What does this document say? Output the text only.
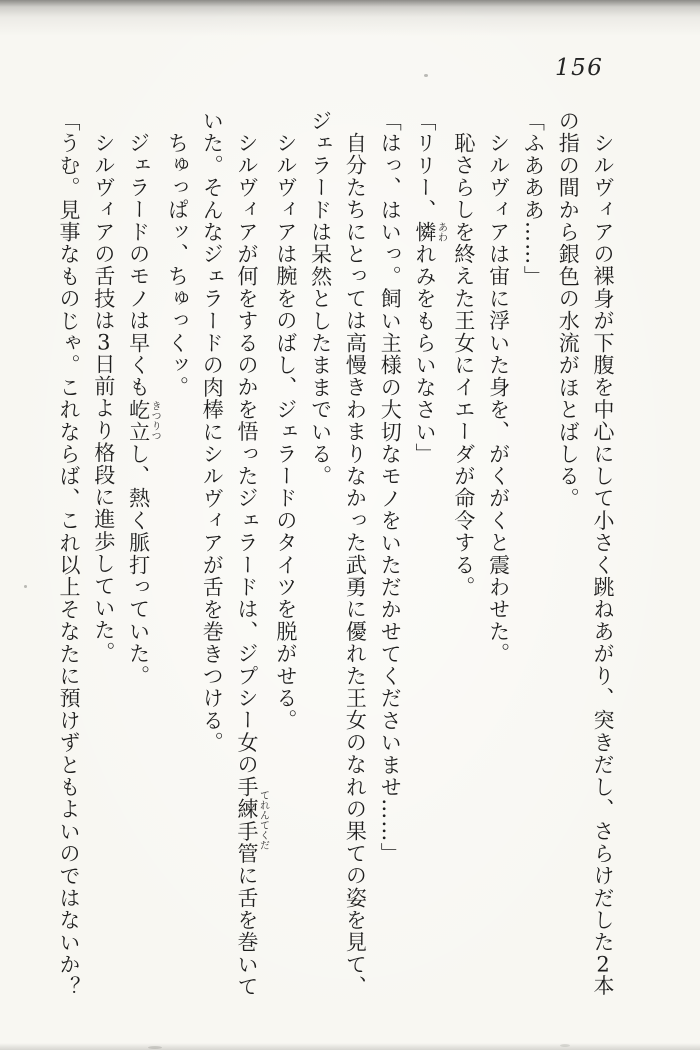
156

シルヴィアの裸身が下腹を中心にして小さく跳ねあがり、突きだし、さらけだした2本の指の間から銀色の水流がほとばしる。

「ふあああ……」

シルヴィアは宙に浮いた身を、がくがくと震わせた。

恥さらしを終えた王女にイエーダが命令する。

「リリー、憐あわれみをもらいなさい」

「はっ、はいっ。飼い主様の大切なモノをいただかせてくださいませ……」

自分たちにとっては高慢きわまりなかった武勇に優れた王女のなれの果ての姿を見て、ジェラードは呆然としたままでいる。

シルヴィアは腕をのばし、ジェラードのタイツを脱がせる。

シルヴィアが何をするのかを悟ったジェラードは、ジプシー女の手練手管てれんてくだに舌を巻いていた。そんなジェラードの肉棒にシルヴィアが舌を巻きつける。

ちゅっぱッ、ちゅっくッ。

ジェラードのモノは早くも屹立きつりつし、熱く脈打っていた。

シルヴィアの舌技は3日前より格段に進歩していた。

「うむ。見事なものじゃ。これならば、これ以上そなたに預けずともよいのではないか？
